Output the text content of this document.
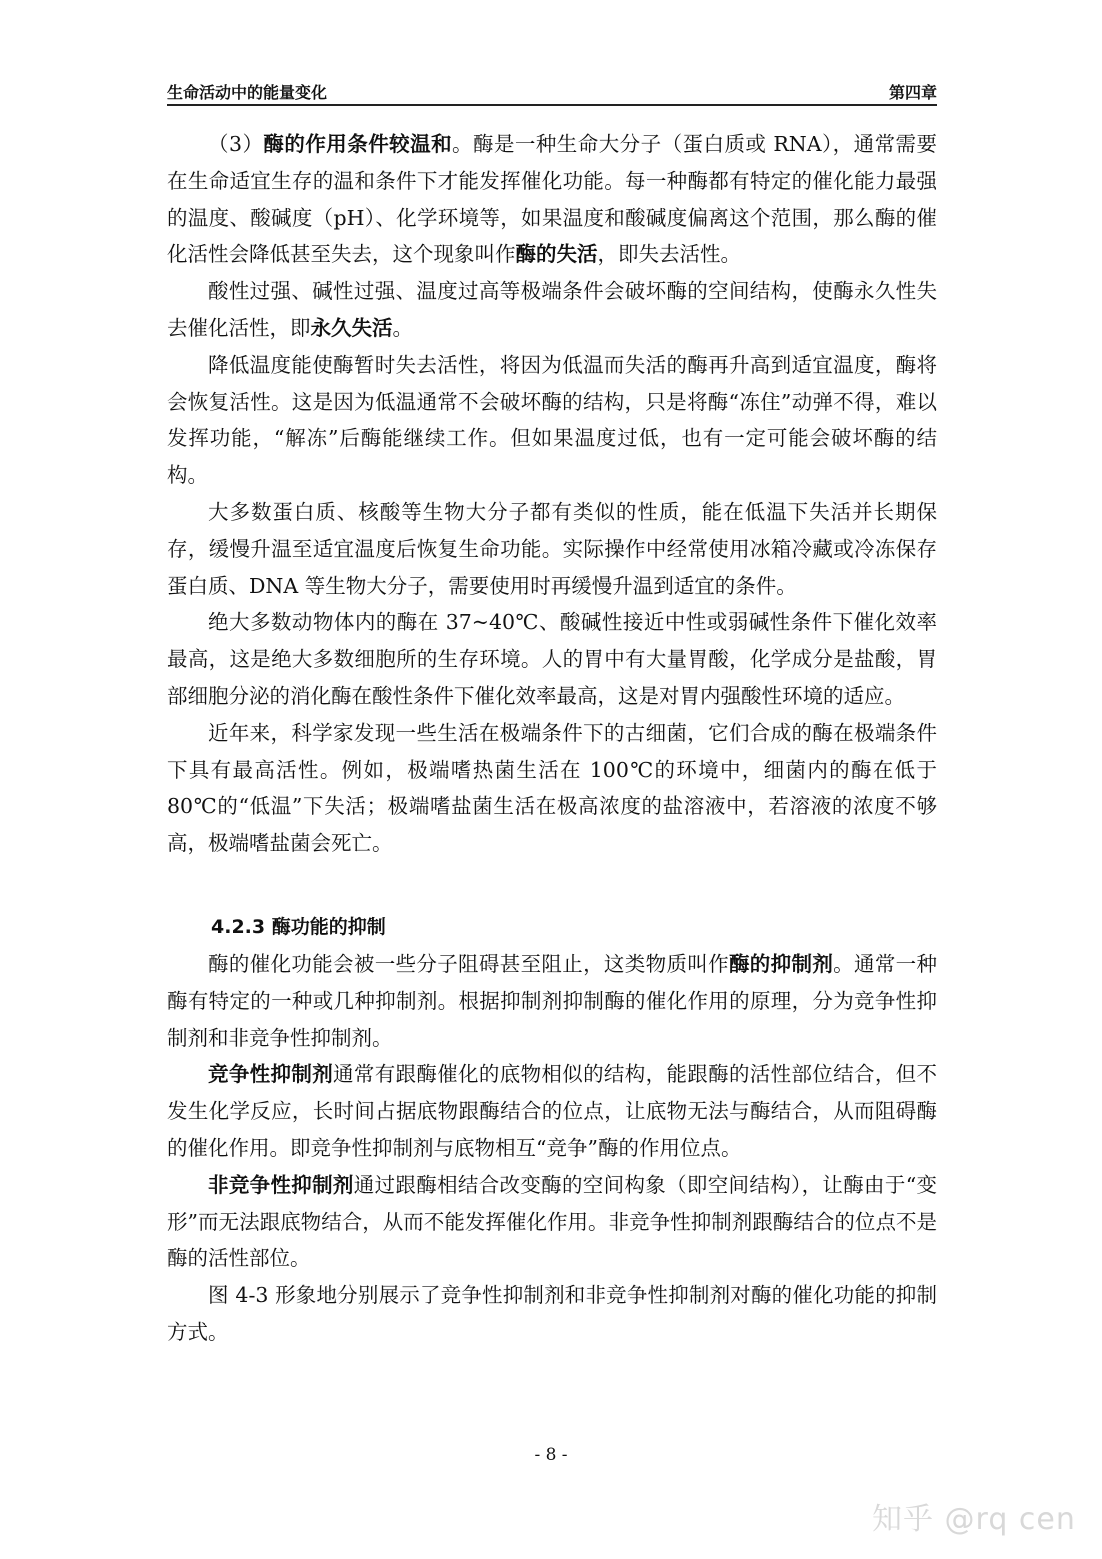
生命活动中的能量变化	第四章

（3）酶的作用条件较温和。酶是一种生命大分子（蛋白质或 RNA），通常需要在生命适宜生存的温和条件下才能发挥催化功能。每一种酶都有特定的催化能力最强的温度、酸碱度（pH）、化学环境等，如果温度和酸碱度偏离这个范围，那么酶的催化活性会降低甚至失去，这个现象叫作酶的失活，即失去活性。

酸性过强、碱性过强、温度过高等极端条件会破坏酶的空间结构，使酶永久性失去催化活性，即永久失活。

降低温度能使酶暂时失去活性，将因为低温而失活的酶再升高到适宜温度，酶将会恢复活性。这是因为低温通常不会破坏酶的结构，只是将酶“冻住”动弹不得，难以发挥功能，“解冻”后酶能继续工作。但如果温度过低，也有一定可能会破坏酶的结构。

大多数蛋白质、核酸等生物大分子都有类似的性质，能在低温下失活并长期保存，缓慢升温至适宜温度后恢复生命功能。实际操作中经常使用冰箱冷藏或冷冻保存蛋白质、DNA 等生物大分子，需要使用时再缓慢升温到适宜的条件。

绝大多数动物体内的酶在 37~40℃、酸碱性接近中性或弱碱性条件下催化效率最高，这是绝大多数细胞所的生存环境。人的胃中有大量胃酸，化学成分是盐酸，胃部细胞分泌的消化酶在酸性条件下催化效率最高，这是对胃内强酸性环境的适应。

近年来，科学家发现一些生活在极端条件下的古细菌，它们合成的酶在极端条件下具有最高活性。例如，极端嗜热菌生活在 100℃的环境中，细菌内的酶在低于 80℃的“低温”下失活；极端嗜盐菌生活在极高浓度的盐溶液中，若溶液的浓度不够高，极端嗜盐菌会死亡。

4.2.3 酶功能的抑制

酶的催化功能会被一些分子阻碍甚至阻止，这类物质叫作酶的抑制剂。通常一种酶有特定的一种或几种抑制剂。根据抑制剂抑制酶的催化作用的原理，分为竞争性抑制剂和非竞争性抑制剂。

竞争性抑制剂通常有跟酶催化的底物相似的结构，能跟酶的活性部位结合，但不发生化学反应，长时间占据底物跟酶结合的位点，让底物无法与酶结合，从而阻碍酶的催化作用。即竞争性抑制剂与底物相互“竞争”酶的作用位点。

非竞争性抑制剂通过跟酶相结合改变酶的空间构象（即空间结构），让酶由于“变形”而无法跟底物结合，从而不能发挥催化作用。非竞争性抑制剂跟酶结合的位点不是酶的活性部位。

图 4-3 形象地分别展示了竞争性抑制剂和非竞争性抑制剂对酶的催化功能的抑制方式。

- 8 -
知乎 @rq cen
